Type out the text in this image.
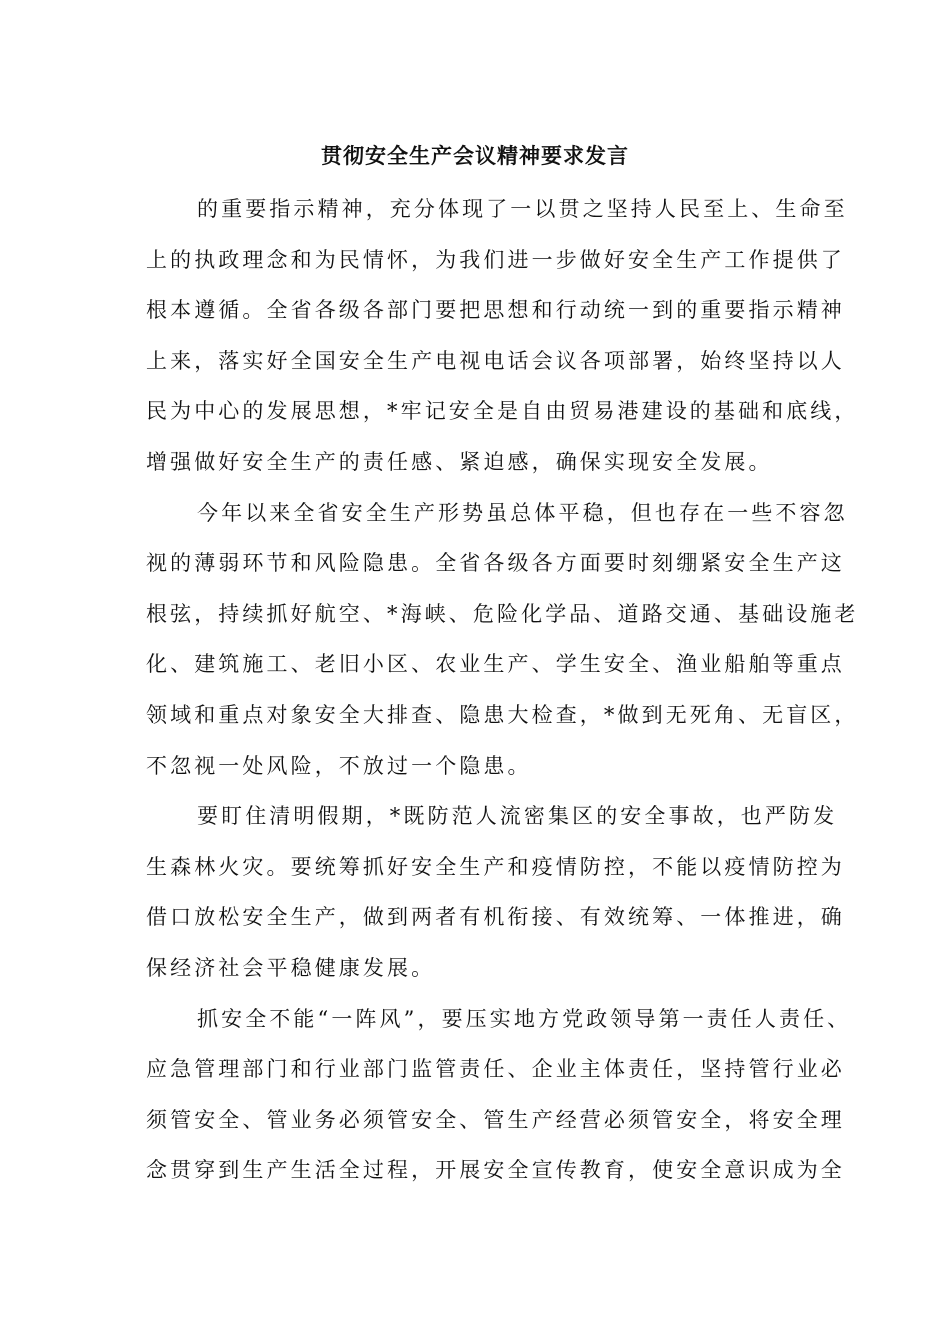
贯彻安全生产会议精神要求发言

的重要指示精神，充分体现了一以贯之坚持人民至上、生命至
上的执政理念和为民情怀，为我们进一步做好安全生产工作提供了
根本遵循。全省各级各部门要把思想和行动统一到的重要指示精神
上来，落实好全国安全生产电视电话会议各项部署，始终坚持以人
民为中心的发展思想，*牢记安全是自由贸易港建设的基础和底线，
增强做好安全生产的责任感、紧迫感，确保实现安全发展。

今年以来全省安全生产形势虽总体平稳，但也存在一些不容忽
视的薄弱环节和风险隐患。全省各级各方面要时刻绷紧安全生产这
根弦，持续抓好航空、*海峡、危险化学品、道路交通、基础设施老
化、建筑施工、老旧小区、农业生产、学生安全、渔业船舶等重点
领域和重点对象安全大排查、隐患大检查，*做到无死角、无盲区，
不忽视一处风险，不放过一个隐患。

要盯住清明假期，*既防范人流密集区的安全事故，也严防发
生森林火灾。要统筹抓好安全生产和疫情防控，不能以疫情防控为
借口放松安全生产，做到两者有机衔接、有效统筹、一体推进，确
保经济社会平稳健康发展。

抓安全不能“一阵风”，要压实地方党政领导第一责任人责任、
应急管理部门和行业部门监管责任、企业主体责任，坚持管行业必
须管安全、管业务必须管安全、管生产经营必须管安全，将安全理
念贯穿到生产生活全过程，开展安全宣传教育，使安全意识成为全
